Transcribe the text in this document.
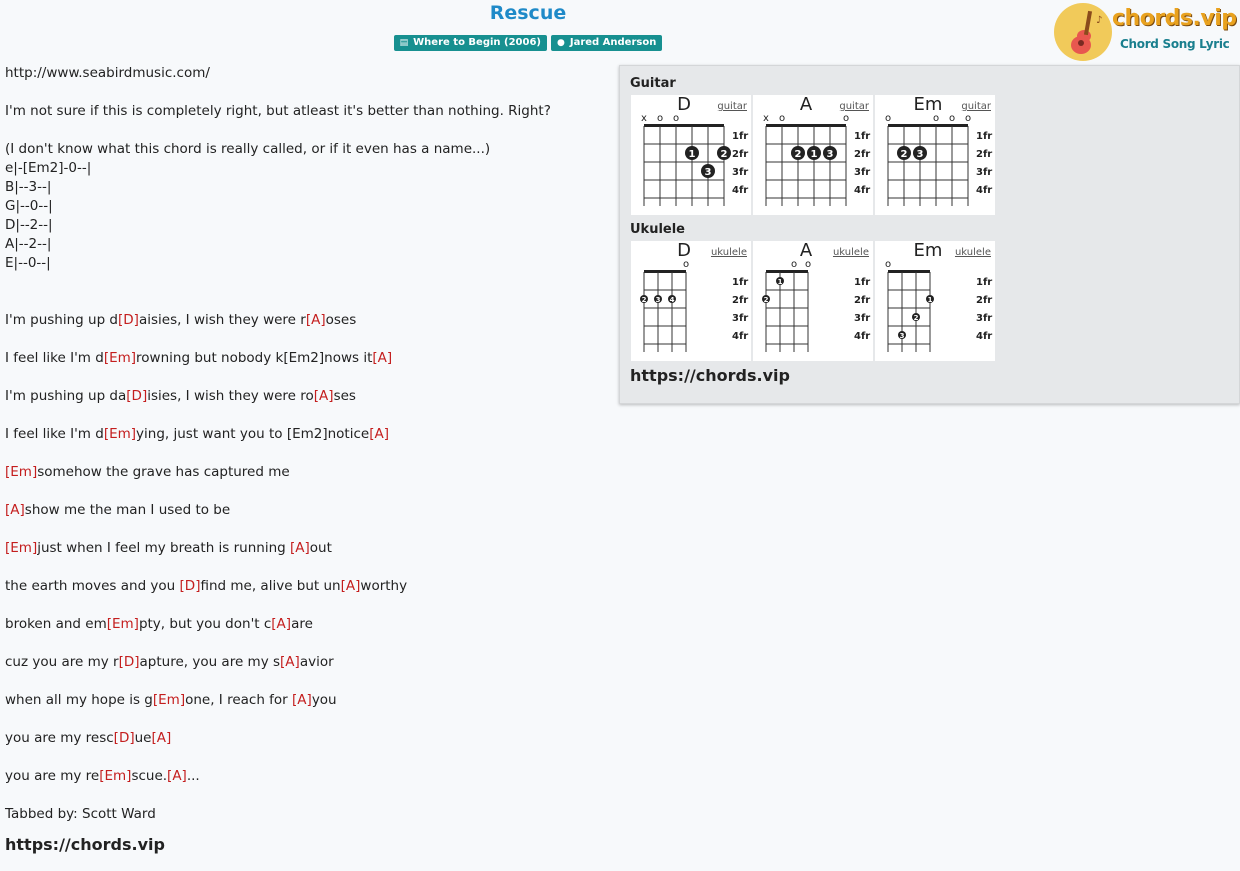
Rescue
▤ Where to Begin (2006) ● Jared Anderson
♪ chords.vip
Chord Song Lyric
http://www.seabirdmusic.com/
I'm not sure if this is completely right, but atleast it's better than nothing. Right?
(I don't know what this chord is really called, or if it even has a name...)
e|-[Em2]-0--|
B|--3--|
G|--0--|
D|--2--|
A|--2--|
E|--0--|
I'm pushing up d[D]aisies, I wish they were r[A]oses
I feel like I'm d[Em]rowning but nobody k[Em2]nows it[A]
I'm pushing up da[D]isies, I wish they were ro[A]ses
I feel like I'm d[Em]ying, just want you to [Em2]notice[A]
[Em]somehow the grave has captured me
[A]show me the man I used to be
[Em]just when I feel my breath is running [A]out
the earth moves and you [D]find me, alive but un[A]worthy
broken and em[Em]pty, but you don't c[A]are
cuz you are my r[D]apture, you are my s[A]avior
when all my hope is g[Em]one, I reach for [A]you
you are my resc[D]ue[A]
you are my re[Em]scue.[A]...
Tabbed by: Scott Ward
https://chords.vip
Guitar
D	guitar
1fr
2fr
3fr
4fr
x o o
1	2
3
A	guitar
1fr
2fr
3fr
4fr
x o	o
2 1 3
Em	guitar
1fr
2fr
3fr
4fr
o	o o o
2 3
Ukulele
D	ukulele
1fr
2fr
3fr
4fr
o
2 3 4
A	ukulele
1fr
2fr
3fr
4fr
o o
2
1
Em	ukulele
1fr
2fr
3fr
4fr
o
3
2
1
https://chords.vip
